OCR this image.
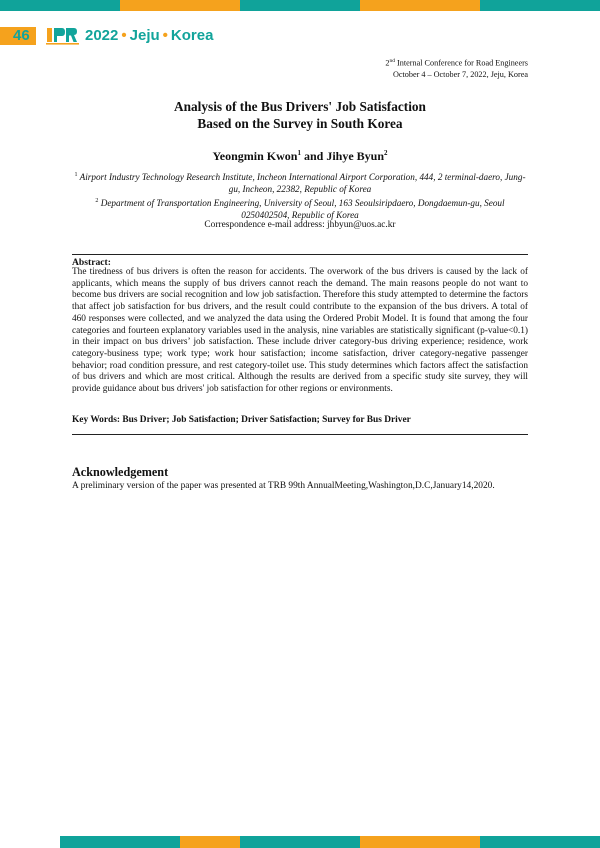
46	2022 • Jeju • Korea
2nd Internal Conference for Road Engineers
October 4 – October 7, 2022, Jeju, Korea
Analysis of the Bus Drivers' Job Satisfaction
Based on the Survey in South Korea
Yeongmin Kwon$^1$ and Jihye Byun$^2$

$^1$ Airport Industry Technology Research Institute, Incheon International Airport Corporation, 444, 2 terminal-daero, Jung-gu, Incheon, 22382, Republic of Korea

$^2$ Department of Transportation Engineering, University of Seoul, 163 Seoulsiripdaero, Dongdaemun-gu, Seoul 0250402504, Republic of Korea

Correspondence e-mail address: jhbyun@uos.ac.kr
Abstract:

The tiredness of bus drivers is often the reason for accidents. The overwork of the bus drivers is caused by the lack of applicants, which means the supply of bus drivers cannot reach the demand. The main reasons people do not want to become bus drivers are social recognition and low job satisfaction. Therefore this study attempted to determine the factors that affect job satisfaction for bus drivers, and the result could contribute to the expansion of the bus drivers. A total of 460 responses were collected, and we analyzed the data using the Ordered Probit Model. It is found that among the four categories and fourteen explanatory variables used in the analysis, nine variables are statistically significant (p-value<0.1) in their impact on bus drivers’ job satisfaction. These include driver category-bus driving experience; residence, work category-business type; work type; work hour satisfaction; income satisfaction, driver category-negative passenger behavior; road condition pressure, and rest category-toilet use. This study determines which factors affect the satisfaction of bus drivers and which are most critical. Although the results are derived from a specific study site survey, they will provide guidance about bus drivers' job satisfaction for other regions or environments.

Key Words: Bus Driver; Job Satisfaction; Driver Satisfaction; Survey for Bus Driver
Acknowledgement
A preliminary version of the paper was presented at TRB 99th AnnualMeeting,Washington,D.C,January14,2020.
